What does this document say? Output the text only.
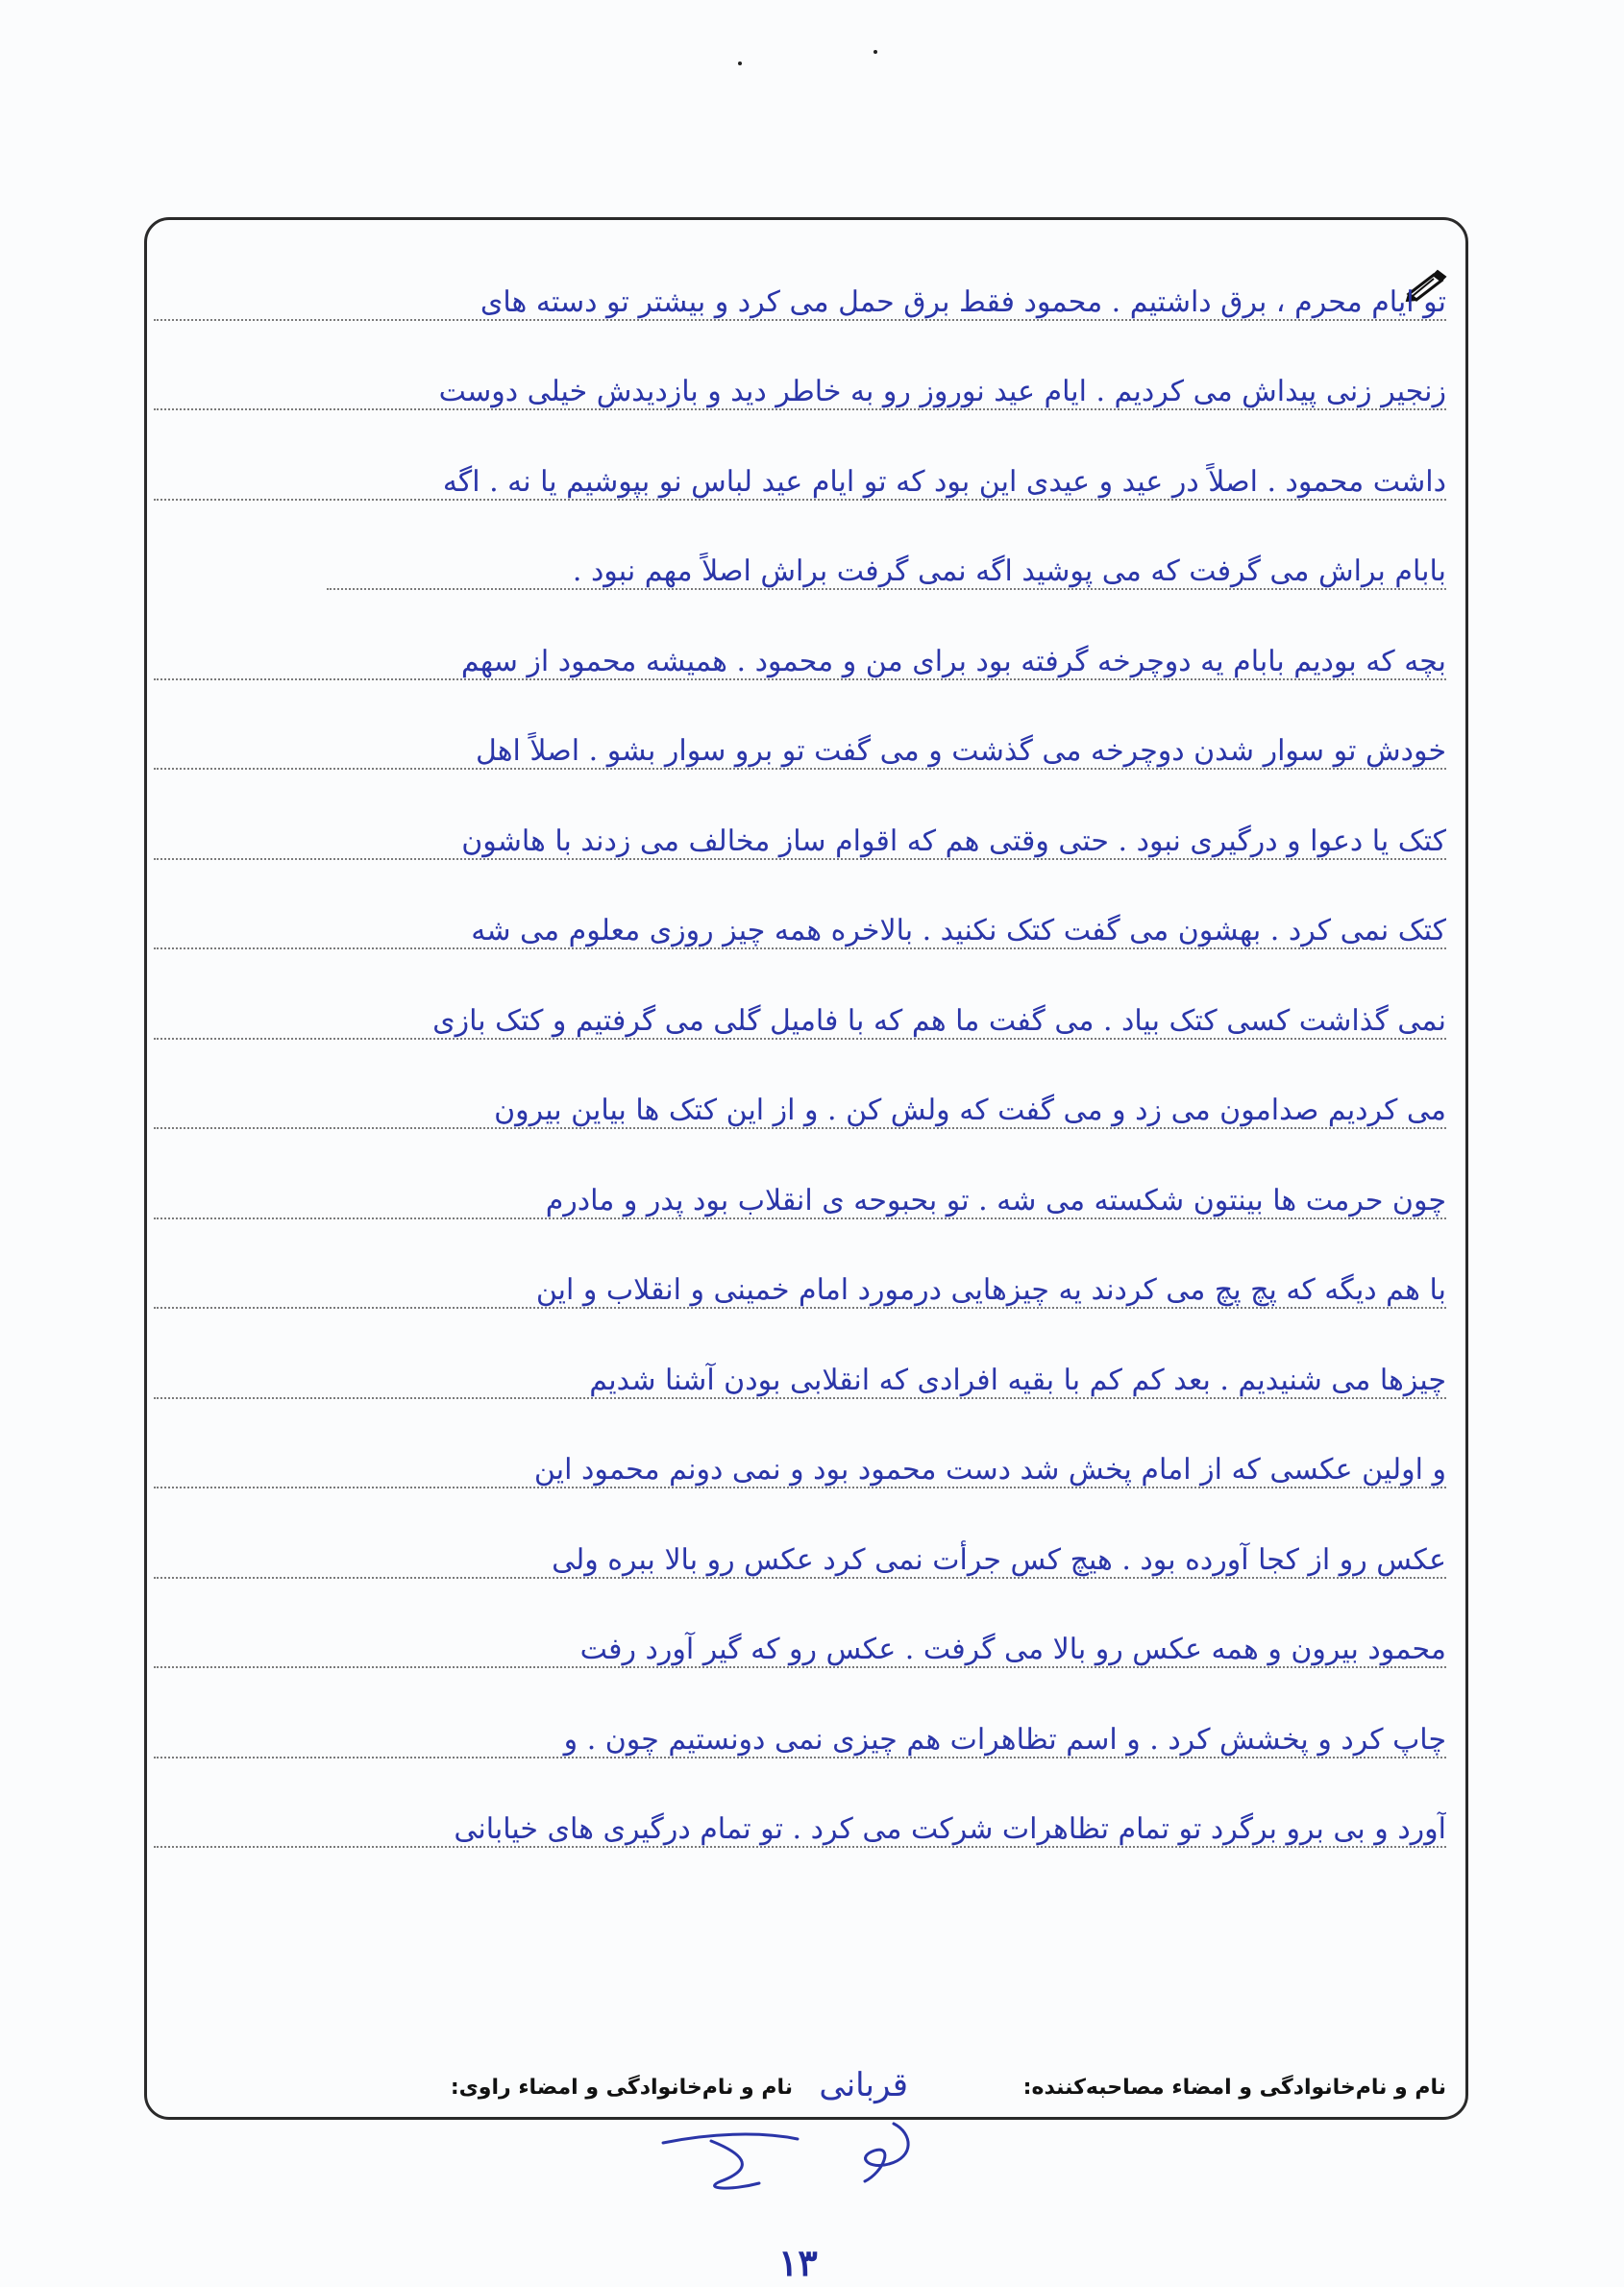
تو ایام محرم ، برق داشتیم . محمود فقط برق حمل می کرد و بیشتر تو دسته های
زنجیر زنی پیداش می کردیم . ایام عید نوروز رو به خاطر دید و بازدیدش خیلی دوست
داشت محمود . اصلاً در عید و عیدی این بود که تو ایام عید لباس نو بپوشیم یا نه . اگه
بابام براش می گرفت که می پوشید اگه نمی گرفت براش اصلاً مهم نبود .
بچه که بودیم بابام یه دوچرخه گرفته بود برای من و محمود . همیشه محمود از سهم
خودش تو سوار شدن دوچرخه می گذشت و می گفت تو برو سوار بشو . اصلاً اهل
کتک یا دعوا و درگیری نبود . حتی وقتی هم که اقوام ساز مخالف می زدند با هاشون
کتک نمی کرد . بهشون می گفت کتک نکنید . بالاخره همه چیز روزی معلوم می شه
نمی گذاشت کسی کتک بیاد . می گفت ما هم که با فامیل گلی می گرفتیم و کتک بازی
می کردیم صدامون می زد و می گفت که ولش کن . و از این کتک ها بیاین بیرون
چون حرمت ها بینتون شکسته می شه . تو بحبوحه ی انقلاب بود پدر و مادرم
با هم دیگه که پچ پچ می کردند یه چیزهایی درمورد امام خمینی و انقلاب و این
چیزها می شنیدیم . بعد کم کم با بقیه افرادی که انقلابی بودن آشنا شدیم
و اولین عکسی که از امام پخش شد دست محمود بود و نمی دونم محمود این
عکس رو از کجا آورده بود . هیچ کس جرأت نمی کرد عکس رو بالا ببره ولی
محمود بیرون و همه عکس رو بالا می گرفت . عکس رو که گیر آورد رفت
چاپ کرد و پخشش کرد . و اسم تظاهرات هم چیزی نمی دونستیم چون . و
آورد و بی برو برگرد تو تمام تظاهرات شرکت می کرد . تو تمام درگیری های خیابانی
نام و نام‌خانوادگی و امضاء مصاحبه‌کننده:
قربانی
نام و نام‌خانوادگی و امضاء راوی:
۱۳
